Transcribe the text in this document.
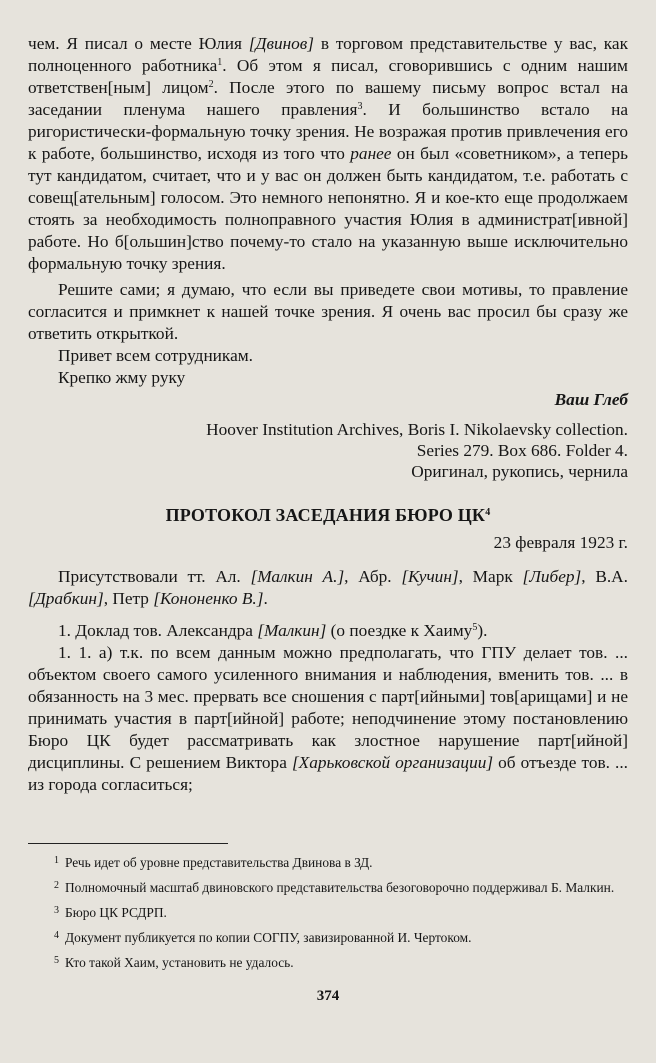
чем. Я писал о месте Юлия [Двинов] в торговом представительстве у вас, как полноценного работника$^1$. Об этом я писал, сговорившись с одним нашим ответствен[ным] лицом$^2$. После этого по вашему письму вопрос встал на заседании пленума нашего правления$^3$. И большинство встало на ригористически-формальную точку зрения. Не возражая против привлечения его к работе, большинство, исходя из того что ранее он был «советником», а теперь тут кандидатом, считает, что и у вас он должен быть кандидатом, т.е. работать с совещ[ательным] голосом. Это немного непонятно. Я и кое-кто еще продолжаем стоять за необходимость полноправного участия Юлия в администрат[ивной] работе. Но б[ольшин]ство почему-то стало на указанную выше исключительно формальную точку зрения.

Решите сами; я думаю, что если вы приведете свои мотивы, то правление согласится и примкнет к нашей точке зрения. Я очень вас просил бы сразу же ответить открыткой.

Привет всем сотрудникам.

Крепко жму руку

Ваш Глеб

Hoover Institution Archives, Boris I. Nikolaevsky collection.

Series 279. Box 686. Folder 4.

Оригинал, рукопись, чернила

ПРОТОКОЛ ЗАСЕДАНИЯ БЮРО $ЦК^4$

23 февраля 1923 г.

Присутствовали тт. Ал. [Малкин А.], Абр. [Кучин], Марк [Либер], В.А. [Драбкин], Петр [Кононенко В.].

1. Доклад тов. Александра [Малкин] (о поездке к Хаиму$^5$).

1. 1. а) т.к. по всем данным можно предполагать, что ГПУ делает тов. ... объектом своего самого усиленного внимания и наблюдения, вменить тов. ... в обязанность на 3 мес. прервать все сношения с парт[ийными] тов[арищами] и не принимать участия в парт[ийной] работе; неподчинение этому постановлению Бюро ЦК будет рассматривать как злостное нарушение парт[ийной] дисциплины. С решением Виктора [Харьковской организации] об отъезде тов. ... из города согласиться;

$^1$ Речь идет об уровне представительства Двинова в ЗД.

$^2$ Полномочный масштаб двиновского представительства безоговорочно поддерживал Б. Малкин.

$^3$ Бюро ЦК РСДРП.

$^4$ Документ публикуется по копии СОГПУ, завизированной И. Чертоком.

$^5$ Кто такой Хаим, установить не удалось.

374
